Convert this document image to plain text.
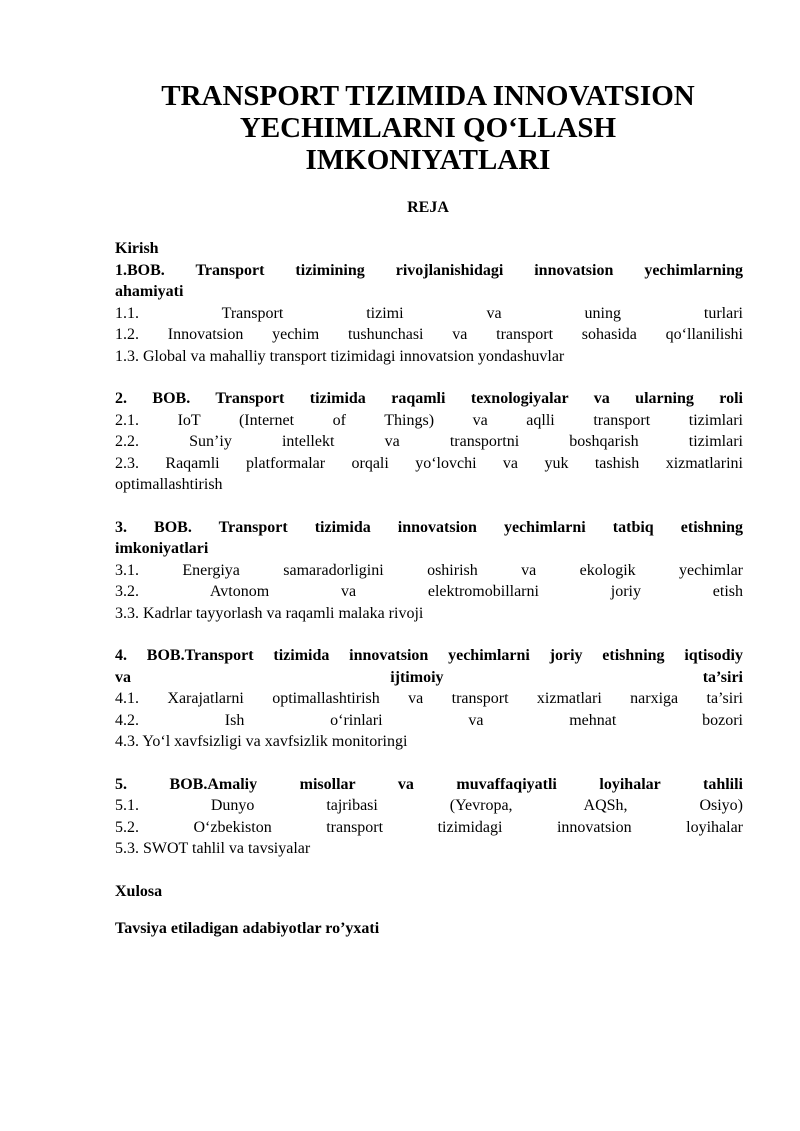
TRANSPORT TIZIMIDA INNOVATSION
YECHIMLARNI QO‘LLASH
IMKONIYATLARI
REJA
Kirish
1.BOB. Transport tizimining rivojlanishidagi innovatsion yechimlarning
ahamiyati
1.1. Transport tizimi va uning turlari
1.2. Innovatsion yechim tushunchasi va transport sohasida qo‘llanilishi
1.3. Global va mahalliy transport tizimidagi innovatsion yondashuvlar
2. BOB. Transport tizimida raqamli texnologiyalar va ularning roli
2.1. IoT (Internet of Things) va aqlli transport tizimlari
2.2. Sun’iy intellekt va transportni boshqarish tizimlari
2.3. Raqamli platformalar orqali yo‘lovchi va yuk tashish xizmatlarini
optimallashtirish
3. BOB. Transport tizimida innovatsion yechimlarni tatbiq etishning
imkoniyatlari
3.1. Energiya samaradorligini oshirish va ekologik yechimlar
3.2. Avtonom va elektromobillarni joriy etish
3.3. Kadrlar tayyorlash va raqamli malaka rivoji
4. BOB.Transport tizimida innovatsion yechimlarni joriy etishning iqtisodiy
va ijtimoiy ta’siri
4.1. Xarajatlarni optimallashtirish va transport xizmatlari narxiga ta’siri
4.2. Ish o‘rinlari va mehnat bozori
4.3. Yo‘l xavfsizligi va xavfsizlik monitoringi
5. BOB.Amaliy misollar va muvaffaqiyatli loyihalar tahlili
5.1. Dunyo tajribasi (Yevropa, AQSh, Osiyo)
5.2. O‘zbekiston transport tizimidagi innovatsion loyihalar
5.3. SWOT tahlil va tavsiyalar
Xulosa
Tavsiya etiladigan adabiyotlar ro’yxati
